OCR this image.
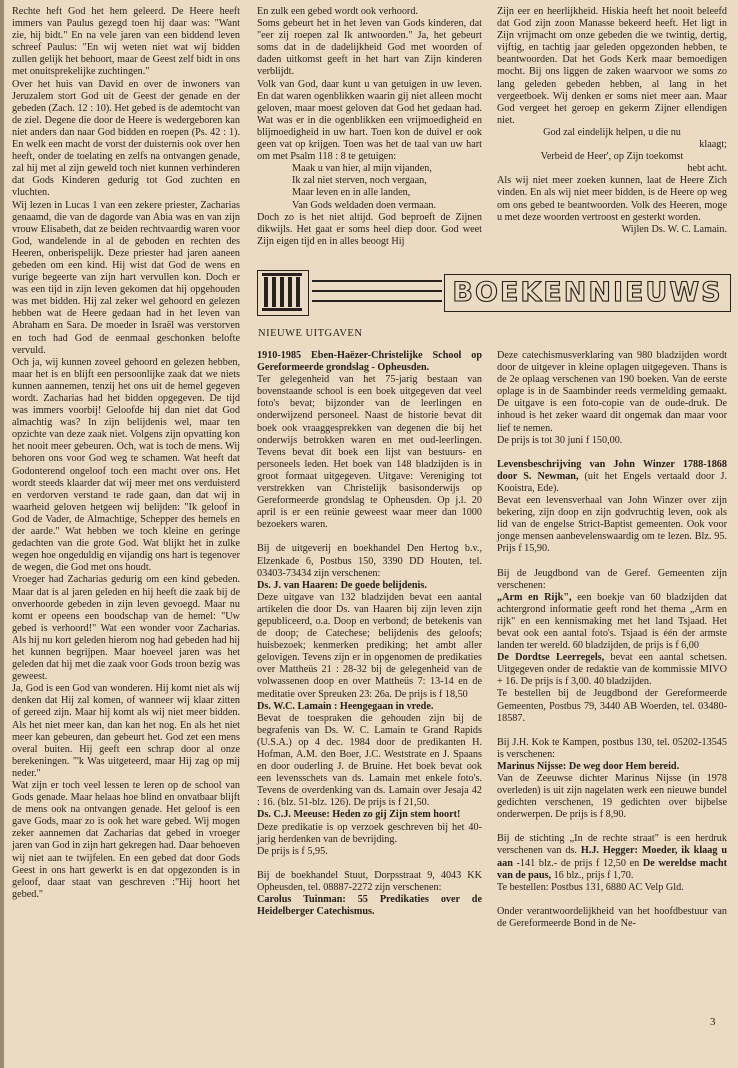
Rechte heft God het hem geleerd. De Heere heeft immers van Paulus gezegd toen hij daar was: "Want zie, hij bidt." En na vele jaren van een biddend leven schreef Paulus: "En wij weten niet wat wij bidden zullen gelijk het behoort, maar de Geest zelf bidt in ons met onuitsprekelijke zuchtingen."

Over het huis van David en over de inwoners van Jeruzalem stort God uit de Geest der genade en der gebeden (Zach. 12 : 10). Het gebed is de ademtocht van de ziel. Degene die door de Heere is wedergeboren kan niet anders dan naar God bidden en roepen (Ps. 42 : 1). En welk een macht de vorst der duisternis ook over hen heeft, onder de toelating en zelfs na ontvangen genade, zal hij met al zijn geweld toch niet kunnen verhinderen dat Gods Kinderen gedurig tot God zuchten en vluchten.

Wij lezen in Lucas 1 van een zekere priester, Zacharias genaamd, die van de dagorde van Abia was en van zijn vrouw Elisabeth, dat ze beiden rechtvaardig waren voor God, wandelende in al de geboden en rechten des Heeren, onberispelijk. Deze priester had jaren aaneen gebeden om een kind. Hij wist dat God de wens en vurige begeerte van zijn hart vervullen kon. Doch er was een tijd in zijn leven gekomen dat hij opgehouden was met bidden. Hij zal zeker wel gehoord en gelezen hebben wat de Heere gedaan had in het leven van Abraham en Sara. De moeder in Israël was verstorven en toch had God de eenmaal geschonken belofte vervuld.

Och ja, wij kunnen zoveel gehoord en gelezen hebben, maar het is en blijft een persoonlijke zaak dat we niets kunnen aannemen, tenzij het ons uit de hemel gegeven wordt. Zacharias had het bidden opgegeven. De tijd was immers voorbij! Geloofde hij dan niet dat God almachtig was? In zijn belijdenis wel, maar ten opzichte van deze zaak niet. Volgens zijn opvatting kon het nooit meer gebeuren. Och, wat is toch de mens. Wij behoren ons voor God weg te schamen. Wat heeft dat Godonterend ongeloof toch een macht over ons. Het wordt steeds klaarder dat wij meer met ons verduisterd en verdorven verstand te rade gaan, dan dat wij in waarheid geloven hetgeen wij belijden: "Ik geloof in God de Vader, de Almachtige, Schepper des hemels en der aarde." Wat hebben we toch kleine en geringe gedachten van die grote God. Wat blijkt het in zulke wegen hoe ongeduldig en vijandig ons hart is tegenover de wegen, die God met ons houdt.

Vroeger had Zacharias gedurig om een kind gebeden. Maar dat is al jaren geleden en hij heeft die zaak bij de onverhoorde gebeden in zijn leven gevoegd. Maar nu komt er opeens een boodschap van de hemel: "Uw gebed is verhoord!" Wat een wonder voor Zacharias. Als hij nu kort geleden hierom nog had gebeden had hij het kunnen begrijpen. Maar hoeveel jaren was het geleden dat hij met die zaak voor Gods troon bezig was geweest.

Ja, God is een God van wonderen. Hij komt niet als wij denken dat Hij zal komen, of wanneer wij klaar zitten of gereed zijn. Maar hij komt als wij niet meer bidden. Als het niet meer kan, dan kan het nog. En als het niet meer kan gebeuren, dan gebeurt het. God zet een mens overal buiten. Hij geeft een schrap door al onze berekeningen. "'k Was uitgeteerd, maar Hij zag op mij neder."

Wat zijn er toch veel lessen te leren op de school van Gods genade. Maar helaas hoe blind en onvatbaar blijft de mens ook na ontvangen genade. Het geloof is een gave Gods, maar zo is ook het ware gebed. Wij mogen zeker aannemen dat Zacharias dat gebed in vroeger jaren van God in zijn hart gekregen had. Daar behoeven wij niet aan te twijfelen. En een gebed dat door Gods Geest in ons hart gewerkt is en dat opgezonden is in geloof, daar staat van geschreven :"Hij hoort het gebed."

En zulk een gebed wordt ook verhoord.

Soms gebeurt het in het leven van Gods kinderen, dat "eer zij roepen zal Ik antwoorden." Ja, het gebeurt soms dat in de dadelijkheid God met woorden of daden uitkomst geeft in het hart van Zijn kinderen verblijdt.

Volk van God, daar kunt u van getuigen in uw leven. En dat waren ogenblikken waarin gij niet alleen mocht geloven, maar moest geloven dat God het gedaan had. Wat was er in die ogenblikken een vrijmoedigheid en blijmoedigheid in uw hart. Toen kon de duivel er ook geen vat op krijgen. Toen was het de taal van uw hart om met Psalm 118 : 8 te getuigen:

Maak u van hier, al mijn vijanden,
Ik zal niet sterven, noch vergaan,
Maar leven en in alle landen,
Van Gods weldaden doen vermaan.

Doch zo is het niet altijd. God beproeft de Zijnen dikwijls. Het gaat er soms heel diep door. God weet Zijn eigen tijd en in alles beoogt Hij

Zijn eer en heerlijkheid. Hiskia heeft het nooit beleefd dat God zijn zoon Manasse bekeerd heeft. Het ligt in Zijn vrijmacht om onze gebeden die we twintig, dertig, vijftig, en tachtig jaar geleden opgezonden hebben, te beantwoorden. Dat het Gods Kerk maar bemoedigen mocht. Bij ons liggen de zaken waarvoor we soms zo lang geleden gebeden hebben, al lang in het vergeetboek. Wij denken er soms niet meer aan. Maar God vergeet het geroep en gekerm Zijner ellendigen niet.

God zal eindelijk helpen, u die nu

klaagt;

Verbeid de Heer', op Zijn toekomst

hebt acht.

Als wij niet meer zoeken kunnen, laat de Heere Zich vinden. En als wij niet meer bidden, is de Heere op weg om ons gebed te beantwoorden. Volk des Heeren, moge u met deze woorden vertroost en gesterkt worden.

Wijlen Ds. W. C. Lamain.

BOEKENNIEUWS
NIEUWE UITGAVEN

1910-1985 Eben-Haëzer-Christelijke School op Gereformeerde grondslag - Opheusden.

Ter gelegenheid van het 75-jarig bestaan van bovenstaande school is een boek uitgegeven dat veel foto's bevat; bijzonder van de leerlingen en onderwijzend personeel. Naast de historie bevat dit boek ook vraaggesprekken van degenen die bij het onderwijs betrokken waren en met oud-leerlingen. Tevens bevat dit boek een lijst van bestuurs- en personeels leden. Het boek van 148 bladzijden is in groot formaat uitgegeven. Uitgave: Vereniging tot verstrekken van Christelijk basisonderwijs op Gereformeerde grondslag te Opheusden. Op j.l. 20 april is er een reünie geweest waar meer dan 1000 bezoekers waren.

Bij de uitgeverij en boekhandel Den Hertog b.v., Elzenkade 6, Postbus 150, 3390 DD Houten, tel. 03403-73434 zijn verschenen:

Ds. J. van Haaren: De goede belijdenis.

Deze uitgave van 132 bladzijden bevat een aantal artikelen die door Ds. van Haaren bij zijn leven zijn gepubliceerd, o.a. Doop en verbond; de betekenis van de doop; de Catechese; belijdenis des geloofs; huisbezoek; kenmerken prediking; het ambt aller gelovigen. Tevens zijn er in opgenomen de predikaties over Mattheüs 21 : 28-32 bij de gelegenheid van de volwassenen doop en over Mattheüs 7: 13-14 en de meditatie over Spreuken 23: 26a. De prijs is f 18,50

Ds. W.C. Lamain : Heengegaan in vrede.

Bevat de toespraken die gehouden zijn bij de begrafenis van Ds. W. C. Lamain te Grand Rapids (U.S.A.) op 4 dec. 1984 door de predikanten H. Hofman, A.M. den Boer, J.C. Weststrate en J. Spaans en door ouderling J. de Bruine. Het boek bevat ook een levensschets van ds. Lamain met enkele foto's. Tevens de overdenking van ds. Lamain over Jesaja 42 : 16. (blz. 51-blz. 126). De prijs is f 21,50.

Ds. C.J. Meeuse: Heden zo gij Zijn stem hoort!

Deze predikatie is op verzoek geschreven bij het 40-jarig herdenken van de bevrijding.

De prijs is f 5,95.

Bij de boekhandel Stuut, Dorpsstraat 9, 4043 KK Opheusden, tel. 08887-2272 zijn verschenen:

Carolus Tuinman: 55 Predikaties over de Heidelberger Catechismus.

Deze catechismusverklaring van 980 bladzijden wordt door de uitgever in kleine oplagen uitgegeven. Thans is de 2e oplaag verschenen van 190 boeken. Van de eerste oplage is in de Saambinder reeds vermelding gemaakt. De uitgave is een foto-copie van de oude-druk. De inhoud is het zeker waard dit ongemak dan maar voor lief te nemen.

De prijs is tot 30 juni f 150,00.

Levensbeschrijving van John Winzer 1788-1868 door S. Newman, (uit het Engels vertaald door J. Kooistra, Ede).

Bevat een levensverhaal van John Winzer over zijn bekering, zijn doop en zijn godvruchtig leven, ook als lid van de engelse Strict-Baptist gemeenten. Ook voor jonge mensen aanbevelenswaardig om te lezen. Blz. 95. Prijs f 15,90.

Bij de Jeugdbond van de Geref. Gemeenten zijn verschenen:

„Arm en Rijk", een boekje van 60 bladzijden dat achtergrond informatie geeft rond het thema „Arm en rijk" en een kennismaking met het land Tsjaad. Het bevat ook een aantal foto's. Tsjaad is één der armste landen ter wereld. 60 bladzijden, de prijs is f 6,00

De Dordtse Leerregels, bevat een aantal schetsen. Uitgegeven onder de redaktie van de kommissie MIVO + 16. De prijs is f 3,00. 40 bladzijden.

Te bestellen bij de Jeugdbond der Gereformeerde Gemeenten, Postbus 79, 3440 AB Woerden, tel. 03480-18587.

Bij J.H. Kok te Kampen, postbus 130, tel. 05202-13545 is verschenen:

Marinus Nijsse: De weg door Hem bereid.

Van de Zeeuwse dichter Marinus Nijsse (in 1978 overleden) is uit zijn nagelaten werk een nieuwe bundel gedichten verschenen, 19 gedichten over bijbelse onderwerpen. De prijs is f 8,90.

Bij de stichting „In de rechte straat" is een herdruk verschenen van ds. H.J. Hegger: Moeder, ik klaag u aan -141 blz.- de prijs f 12,50 en De wereldse macht van de paus, 16 blz., prijs f 1,70.

Te bestellen: Postbus 131, 6880 AC Velp Gld.

Onder verantwoordelijkheid van het hoofdbestuur van de Gereformeerde Bond in de Ne-

3
